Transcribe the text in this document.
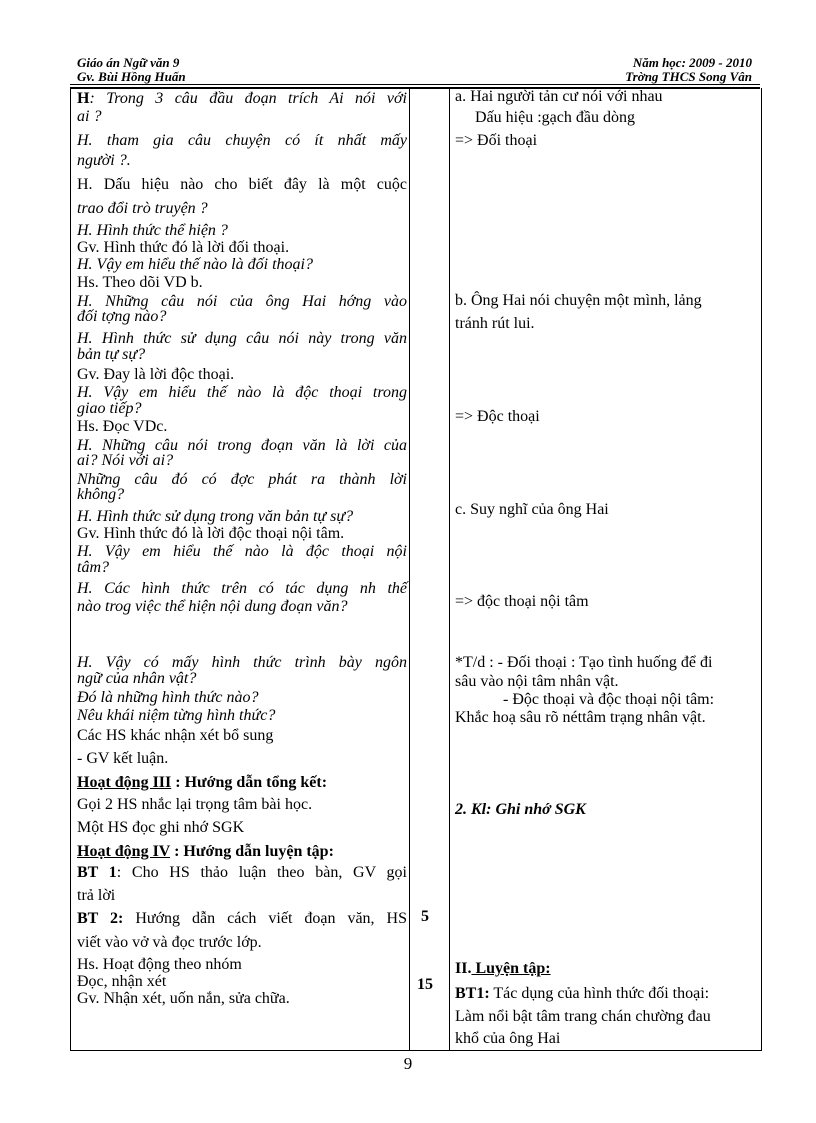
Giáo án Ngữ văn 9
Gv. Bùi Hồng Huấn
Năm học: 2009 - 2010
Trờng THCS Song Vân
H: Trong 3 câu đầu đoạn trích Ai nói với
ai ?
H. tham gia câu chuyện có ít nhất mấy
người ?.
H. Dấu hiệu nào cho biết đây là một cuộc
trao đổi trò truyện ?
H. Hình thức thể hiện ?
Gv. Hình thức đó là lời đối thoại.
H. Vậy em hiểu thế nào là đối thoại?
Hs. Theo dõi VD b.
H. Những câu nói của ông Hai hớng vào
đối tợng nào?
H. Hình thức sử dụng câu nói này trong văn
bản tự sự?
Gv. Đay là lời độc thoại.
H. Vậy em hiểu thế nào là độc thoại trong
giao tiếp?
Hs. Đọc VDc.
H. Những câu nói trong đoạn văn là lời của
ai? Nói với ai?
Những câu đó có đợc phát ra thành lời
không?
H. Hình thức sử dụng trong văn bản tự sự?
Gv. Hình thức đó là lời độc thoại nội tâm.
H. Vậy em hiểu thế nào là độc thoại nội
tâm?
H. Các hình thức trên có tác dụng nh thế
nào trog việc thể hiện nội dung đoạn văn?
H. Vậy có mấy hình thức trình bày ngôn
ngữ của nhân vật?
Đó là những hình thức nào?
Nêu khái niệm từng hình thức?
Các HS khác nhận xét bổ sung
- GV kết luận.
Hoạt động III : Hướng dẫn tổng kết:
Gọi 2 HS nhắc lại trọng tâm bài học.
Một HS đọc ghi nhớ SGK
Hoạt động IV : Hướng dẫn luyện tập:
BT 1: Cho HS thảo luận theo bàn, GV gọi
trả lời
BT 2: Hướng dẫn cách viết đoạn văn, HS
viết vào vở và đọc trước lớp.
Hs. Hoạt động theo nhóm
Đọc, nhận xét
Gv. Nhận xét, uốn nắn, sửa chữa.
5
15
a. Hai người tản cư nói với nhau
Dấu hiệu :gạch đầu dòng
=> Đối thoại
b. Ông Hai nói chuyện một mình, lảng
tránh rút lui.
=> Độc thoại
c. Suy nghĩ của ông Hai
=> độc thoại nội tâm
*T/d : - Đối thoại : Tạo tình huống để đi
sâu vào nội tâm nhân vật.
- Độc thoại và độc thoại nội tâm:
Khắc hoạ sâu rõ néttâm trạng nhân vật.
2. Kl: Ghi nhớ SGK
II. Luyện tập:
BT1: Tác dụng của hình thức đối thoại:
Làm nổi bật tâm trang chán chường đau
khổ của ông Hai
9
